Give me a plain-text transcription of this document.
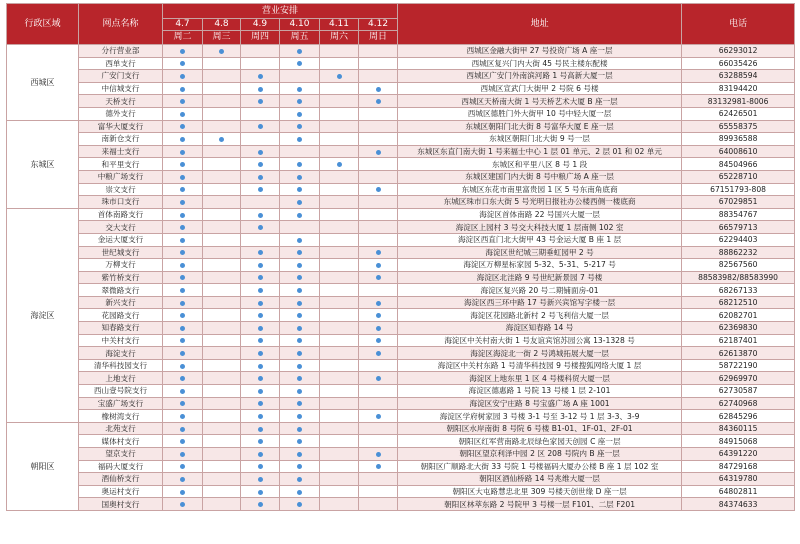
行政区域	网点名称	营业安排						地址	电话
		4.7	4.8	4.9	4.10	4.11	4.12		
		周二	周三	周四	周五	周六	周日		
西城区	分行营业部							西城区金融大街甲 27 号投资广场 A 座一层	66293012
	西单支行							西城区复兴门内大街 45 号民主楼东配楼	66035426
	广安门支行							西城区广安门外南滨河路 1 号高新大厦一层	63288594
	中信城支行							西城区宣武门大街甲 2 号院 6 号楼	83194420
	天桥支行							西城区天桥南大街 1 号天桥艺术大厦 B 座一层	83132981-8006
	德外支行							西城区德胜门外大街甲 10 号中轻大厦一层	62426501
东城区	富华大厦支行							东城区朝阳门北大街 8 号富华大厦 E 座一层	65558375
	南新仓支行							东城区朝阳门北大街 9 号一层	89936588
	来福士支行							东城区东直门南大街 1 号来福士中心 1 层 01 单元、2 层 01 和 02 单元	64008610
	和平里支行							东城区和平里八区 8 号 1 段	84504966
	中粮广场支行							东城区建国门内大街 8 号中粮广场 A 座一层	65228710
	崇文支行							东城区东花市南里富贵园 1 区 5 号东南角底商	67151793-808
	珠市口支行							东城区珠市口东大街 5 号光明日报社办公楼西侧一楼底商	67029851
海淀区	首体南路支行							海淀区首体南路 22 号国兴大厦一层	88354767
	交大支行							海淀区上园村 3 号交大科技大厦 1 层南侧 102 室	66579713
	金运大厦支行							海淀区西直门北大街甲 43 号金运大厦 B 座 1 层	62294403
	世纪城支行							海淀区世纪城三期垂虹园甲 2 号	88862232
	万柳支行							海淀区万柳星标家园 5-32、5-31、5-217 号	82567560
	紫竹桥支行							海淀区北洼路 9 号世纪新景园 7 号楼	88583982/88583990
	翠微路支行							海淀区复兴路 20 号二期铺面房-01	68267133
	新兴支行							海淀区西三环中路 17 号新兴宾馆写字楼一层	68212510
	花园路支行							海淀区花园路北新村 2 号飞利信大厦一层	62082701
	知春路支行							海淀区知春路 14 号	62369830
	中关村支行							海淀区中关村南大街 1 号友谊宾馆苏园公寓 13-1328 号	62187401
	海淀支行							海淀区海淀北一街 2 号鸿城拓展大厦一层	62613870
	清华科技园支行							海淀区中关村东路 1 号清华科技园 9 号楼搜狐网络大厦 1 层	58722190
	上地支行							海淀区上地东里 1 区 4 号楼科贸大厦一层	62969970
	西山壹号院支行							海淀区德惠路 1 号院 13 号楼 1 层 2-101	62730587
	宝盛广场支行							海淀区安宁庄路 8 号宝盛广场 A 座 1001	62740968
	橡树湾支行							海淀区学府树家园 3 号楼 3-1 号至 3-12 号 1 层 3-3、3-9	62845296
朝阳区	北苑支行							朝阳区水岸南街 8 号院 6 号楼 B1-01、1F-01、2F-01	84360115
	媒体村支行							朝阳区红军营南路北辰绿色家园天创园 C 座一层	84915068
	望京支行							朝阳区望京利泽中园 2 区 208 号院内 B 座一层	64391220
	福码大厦支行							朝阳区广顺路北大街 33 号院 1 号楼福码大厦办公楼 B 座 1 层 102 室	84729168
	酒仙桥支行							朝阳区酒仙桥路 14 号兆维大厦一层	64319780
	奥运村支行							朝阳区大屯路慧忠北里 309 号楼天创世缘 D 座一层	64802811
	国奥村支行							朝阳区林萃东路 2 号院甲 3 号楼一层 F101、二层 F201	84374633
